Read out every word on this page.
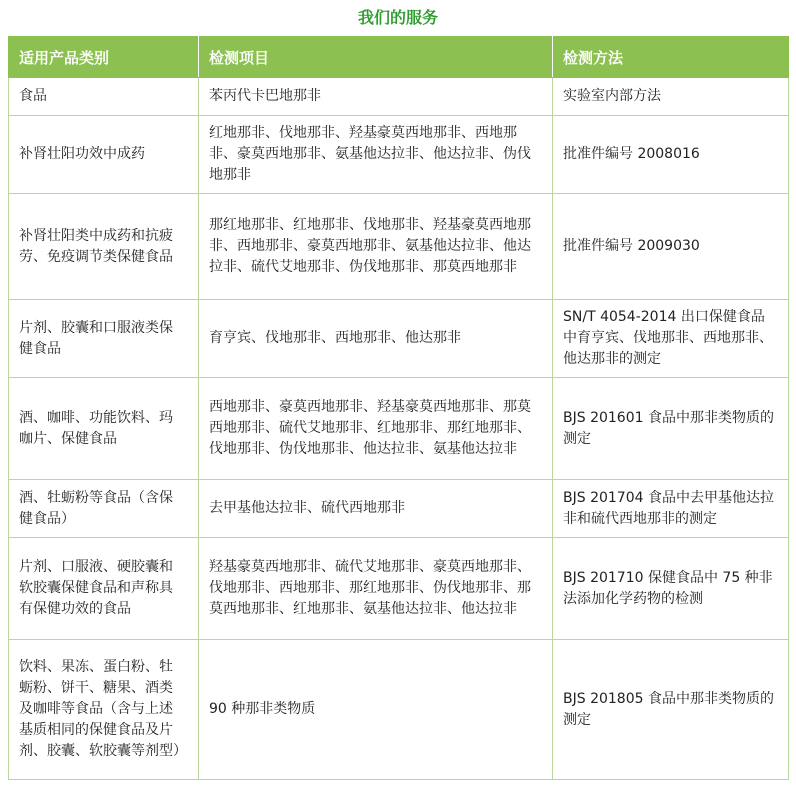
我们的服务
适用产品类别	检测项目	检测方法
食品	苯丙代卡巴地那非	实验室内部方法
补肾壮阳功效中成药	红地那非、伐地那非、羟基豪莫西地那非、西地那非、豪莫西地那非、氨基他达拉非、他达拉非、伪伐地那非	批准件编号 2008016
补肾壮阳类中成药和抗疲劳、免疫调节类保健食品	那红地那非、红地那非、伐地那非、羟基豪莫西地那非、西地那非、豪莫西地那非、氨基他达拉非、他达拉非、硫代艾地那非、伪伐地那非、那莫西地那非	批准件编号 2009030
片剂、胶囊和口服液类保健食品	育亨宾、伐地那非、西地那非、他达那非	SN/T 4054-2014 出口保健食品中育亨宾、伐地那非、西地那非、他达那非的测定
酒、咖啡、功能饮料、玛咖片、保健食品	西地那非、豪莫西地那非、羟基豪莫西地那非、那莫西地那非、硫代艾地那非、红地那非、那红地那非、伐地那非、伪伐地那非、他达拉非、氨基他达拉非	BJS 201601 食品中那非类物质的测定
酒、牡蛎粉等食品（含保健食品）	去甲基他达拉非、硫代西地那非	BJS 201704 食品中去甲基他达拉非和硫代西地那非的测定
片剂、口服液、硬胶囊和软胶囊保健食品和声称具有保健功效的食品	羟基豪莫西地那非、硫代艾地那非、豪莫西地那非、伐地那非、西地那非、那红地那非、伪伐地那非、那莫西地那非、红地那非、氨基他达拉非、他达拉非	BJS 201710 保健食品中 75 种非法添加化学药物的检测
饮料、果冻、蛋白粉、牡蛎粉、饼干、糖果、酒类及咖啡等食品（含与上述基质相同的保健食品及片剂、胶囊、软胶囊等剂型）	90 种那非类物质	BJS 201805 食品中那非类物质的测定
